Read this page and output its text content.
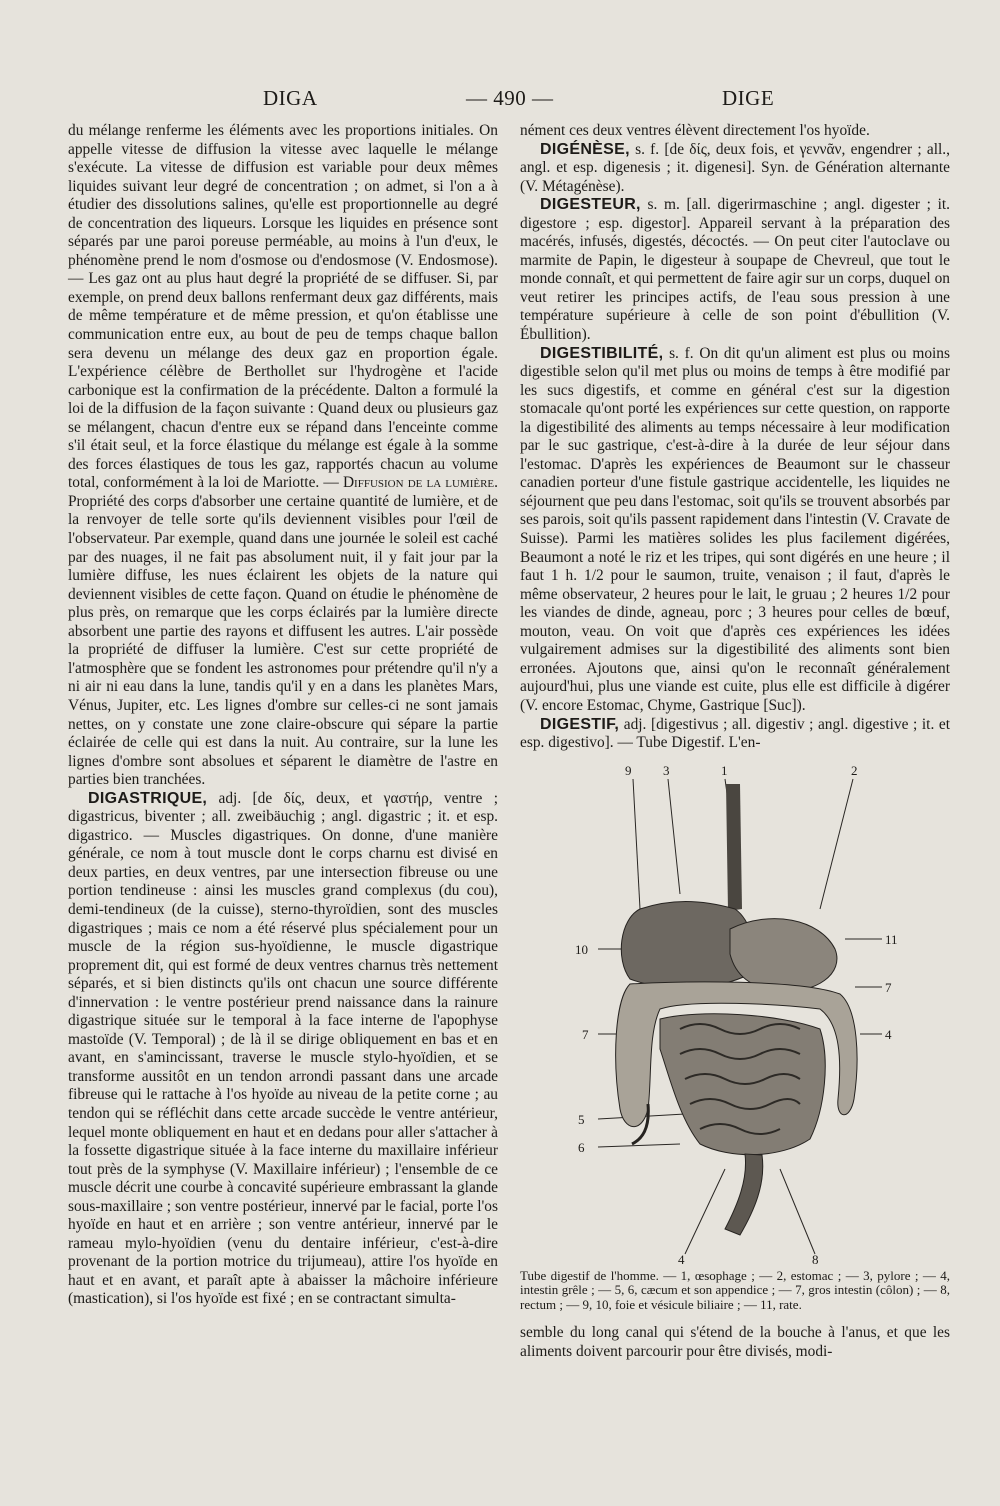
DIGA	— 490 —	DIGE

du mélange renferme les éléments avec les proportions initiales. On appelle vitesse de diffusion la vitesse avec laquelle le mélange s'exécute. La vitesse de diffusion est variable pour deux mêmes liquides suivant leur degré de concentration ; on admet, si l'on a à étudier des dissolutions salines, qu'elle est proportionnelle au degré de concentration des liqueurs. Lorsque les liquides en présence sont séparés par une paroi poreuse perméable, au moins à l'un d'eux, le phénomène prend le nom d'osmose ou d'endosmose (V. Endosmose). — Les gaz ont au plus haut degré la propriété de se diffuser. Si, par exemple, on prend deux ballons renfermant deux gaz différents, mais de même température et de même pression, et qu'on établisse une communication entre eux, au bout de peu de temps chaque ballon sera devenu un mélange des deux gaz en proportion égale. L'expérience célèbre de Berthollet sur l'hydrogène et l'acide carbonique est la confirmation de la précédente. Dalton a formulé la loi de la diffusion de la façon suivante : Quand deux ou plusieurs gaz se mélangent, chacun d'entre eux se répand dans l'enceinte comme s'il était seul, et la force élastique du mélange est égale à la somme des forces élastiques de tous les gaz, rapportés chacun au volume total, conformément à la loi de Mariotte. — Diffusion de la lumière. Propriété des corps d'absorber une certaine quantité de lumière, et de la renvoyer de telle sorte qu'ils deviennent visibles pour l'œil de l'observateur. Par exemple, quand dans une journée le soleil est caché par des nuages, il ne fait pas absolument nuit, il y fait jour par la lumière diffuse, les nues éclairent les objets de la nature qui deviennent visibles de cette façon. Quand on étudie le phénomène de plus près, on remarque que les corps éclairés par la lumière directe absorbent une partie des rayons et diffusent les autres. L'air possède la propriété de diffuser la lumière. C'est sur cette propriété de l'atmosphère que se fondent les astronomes pour prétendre qu'il n'y a ni air ni eau dans la lune, tandis qu'il y en a dans les planètes Mars, Vénus, Jupiter, etc. Les lignes d'ombre sur celles-ci ne sont jamais nettes, on y constate une zone claire-obscure qui sépare la partie éclairée de celle qui est dans la nuit. Au contraire, sur la lune les lignes d'ombre sont absolues et séparent le diamètre de l'astre en parties bien tranchées.

DIGASTRIQUE, adj. [de δίς, deux, et γαστήρ, ventre ; digastricus, biventer ; all. zweibäuchig ; angl. digastric ; it. et esp. digastrico. — Muscles digastriques. On donne, d'une manière générale, ce nom à tout muscle dont le corps charnu est divisé en deux parties, en deux ventres, par une intersection fibreuse ou une portion tendineuse : ainsi les muscles grand complexus (du cou), demi-tendineux (de la cuisse), sterno-thyroïdien, sont des muscles digastriques ; mais ce nom a été réservé plus spécialement pour un muscle de la région sus-hyoïdienne, le muscle digastrique proprement dit, qui est formé de deux ventres charnus très nettement séparés, et si bien distincts qu'ils ont chacun une source différente d'innervation : le ventre postérieur prend naissance dans la rainure digastrique située sur le temporal à la face interne de l'apophyse mastoïde (V. Temporal) ; de là il se dirige obliquement en bas et en avant, en s'amincissant, traverse le muscle stylo-hyoïdien, et se transforme aussitôt en un tendon arrondi passant dans une arcade fibreuse qui le rattache à l'os hyoïde au niveau de la petite corne ; au tendon qui se réfléchit dans cette arcade succède le ventre antérieur, lequel monte obliquement en haut et en dedans pour aller s'attacher à la fossette digastrique située à la face interne du maxillaire inférieur tout près de la symphyse (V. Maxillaire inférieur) ; l'ensemble de ce muscle décrit une courbe à concavité supérieure embrassant la glande sous-maxillaire ; son ventre postérieur, innervé par le facial, porte l'os hyoïde en haut et en arrière ; son ventre antérieur, innervé par le rameau mylo-hyoïdien (venu du dentaire inférieur, c'est-à-dire provenant de la portion motrice du trijumeau), attire l'os hyoïde en haut et en avant, et paraît apte à abaisser la mâchoire inférieure (mastication), si l'os hyoïde est fixé ; en se contractant simulta-

nément ces deux ventres élèvent directement l'os hyoïde.

DIGÉNÈSE, s. f. [de δίς, deux fois, et γεννᾶν, engendrer ; all., angl. et esp. digenesis ; it. digenesi]. Syn. de Génération alternante (V. Métagénèse).

DIGESTEUR, s. m. [all. digerirmaschine ; angl. digester ; it. digestore ; esp. digestor]. Appareil servant à la préparation des macérés, infusés, digestés, décoctés. — On peut citer l'autoclave ou marmite de Papin, le digesteur à soupape de Chevreul, que tout le monde connaît, et qui permettent de faire agir sur un corps, duquel on veut retirer les principes actifs, de l'eau sous pression à une température supérieure à celle de son point d'ébullition (V. Ébullition).

DIGESTIBILITÉ, s. f. On dit qu'un aliment est plus ou moins digestible selon qu'il met plus ou moins de temps à être modifié par les sucs digestifs, et comme en général c'est sur la digestion stomacale qu'ont porté les expériences sur cette question, on rapporte la digestibilité des aliments au temps nécessaire à leur modification par le suc gastrique, c'est-à-dire à la durée de leur séjour dans l'estomac. D'après les expériences de Beaumont sur le chasseur canadien porteur d'une fistule gastrique accidentelle, les liquides ne séjournent que peu dans l'estomac, soit qu'ils se trouvent absorbés par ses parois, soit qu'ils passent rapidement dans l'intestin (V. Cravate de Suisse). Parmi les matières solides les plus facilement digérées, Beaumont a noté le riz et les tripes, qui sont digérés en une heure ; il faut 1 h. 1/2 pour le saumon, truite, venaison ; il faut, d'après le même observateur, 2 heures pour le lait, le gruau ; 2 heures 1/2 pour les viandes de dinde, agneau, porc ; 3 heures pour celles de bœuf, mouton, veau. On voit que d'après ces expériences les idées vulgairement admises sur la digestibilité des aliments sont bien erronées. Ajoutons que, ainsi qu'on le reconnaît généralement aujourd'hui, plus une viande est cuite, plus elle est difficile à digérer (V. encore Estomac, Chyme, Gastrique [Suc]).

DIGESTIF, adj. [digestivus ; all. digestiv ; angl. digestive ; it. et esp. digestivo]. — Tube Digestif. L'en-

9 3	1	2
10
11
7
7	4
5
6
4	8

Tube digestif de l'homme. — 1, œsophage ; — 2, estomac ; — 3, pylore ; — 4, intestin grêle ; — 5, 6, cæcum et son appendice ; — 7, gros intestin (côlon) ; — 8, rectum ; — 9, 10, foie et vésicule biliaire ; — 11, rate.

semble du long canal qui s'étend de la bouche à l'anus, et que les aliments doivent parcourir pour être divisés, modi-
